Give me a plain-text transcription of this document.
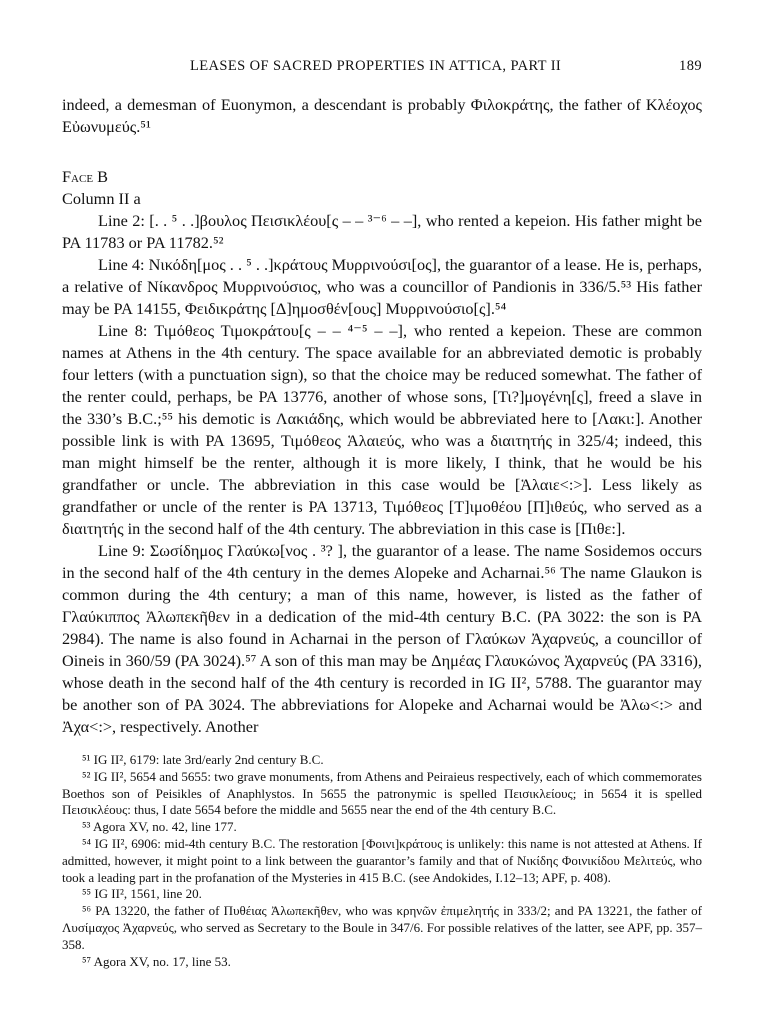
LEASES OF SACRED PROPERTIES IN ATTICA, PART II	189

indeed, a demesman of Euonymon, a descendant is probably Φιλοκράτης, the father of Κλέοχος Εὐωνυμεύς.⁵¹

Face B
Column II a

Line 2: [. . ⁵ . .]βουλος Πεισικλέου[ς – – ³⁻⁶ – –], who rented a kepeion. His father might be PA 11783 or PA 11782.⁵²

Line 4: Νικόδη[μος . . ⁵ . .]κράτους Μυρρινούσι[ος], the guarantor of a lease. He is, perhaps, a relative of Νίκανδρος Μυρρινούσιος, who was a councillor of Pandionis in 336/5.⁵³ His father may be PA 14155, Φειδικράτης [Δ]ημοσθέν[ους] Μυρρινούσιο[ς].⁵⁴

Line 8: Τιμόθεος Τιμοκράτου[ς – – ⁴⁻⁵ – –], who rented a kepeion. These are common names at Athens in the 4th century. The space available for an abbreviated demotic is probably four letters (with a punctuation sign), so that the choice may be reduced somewhat. The father of the renter could, perhaps, be PA 13776, another of whose sons, [Τι?]μογένη[ς], freed a slave in the 330’s B.C.;⁵⁵ his demotic is Λακιάδης, which would be abbreviated here to [Λακι:]. Another possible link is with PA 13695, Τιμόθεος Ἁλαιεύς, who was a διαιτητής in 325/4; indeed, this man might himself be the renter, although it is more likely, I think, that he would be his grandfather or uncle. The abbreviation in this case would be [Ἁλαιε<:>]. Less likely as grandfather or uncle of the renter is PA 13713, Τιμόθεος [Τ]ιμοθέου [Π]ιθεύς, who served as a διαιτητής in the second half of the 4th century. The abbreviation in this case is [Πιθε:].

Line 9: Σωσίδημος Γλαύκω[νος . ³? ], the guarantor of a lease. The name Sosidemos occurs in the second half of the 4th century in the demes Alopeke and Acharnai.⁵⁶ The name Glaukon is common during the 4th century; a man of this name, however, is listed as the father of Γλαύκιππος Ἀλωπεκῆθεν in a dedication of the mid-4th century B.C. (PA 3022: the son is PA 2984). The name is also found in Acharnai in the person of Γλαύκων Ἀχαρνεύς, a councillor of Oineis in 360/59 (PA 3024).⁵⁷ A son of this man may be Δημέας Γλαυκώνος Ἀχαρνεύς (PA 3316), whose death in the second half of the 4th century is recorded in IG II², 5788. The guarantor may be another son of PA 3024. The abbreviations for Alopeke and Acharnai would be Ἀλω<:> and Ἀχα<:>, respectively. Another

⁵¹ IG II², 6179: late 3rd/early 2nd century B.C.

⁵² IG II², 5654 and 5655: two grave monuments, from Athens and Peiraieus respectively, each of which commemorates Boethos son of Peisikles of Anaphlystos. In 5655 the patronymic is spelled Πεισικλείους; in 5654 it is spelled Πεισικλέους: thus, I date 5654 before the middle and 5655 near the end of the 4th century B.C.

⁵³ Agora XV, no. 42, line 177.

⁵⁴ IG II², 6906: mid-4th century B.C. The restoration [Φοινι]κράτους is unlikely: this name is not attested at Athens. If admitted, however, it might point to a link between the guarantor’s family and that of Νικίδης Φοινικίδου Μελιτεύς, who took a leading part in the profanation of the Mysteries in 415 B.C. (see Andokides, I.12–13; APF, p. 408).

⁵⁵ IG II², 1561, line 20.

⁵⁶ PA 13220, the father of Πυθέιας Ἀλωπεκῆθεν, who was κρηνῶν ἐπιμελητής in 333/2; and PA 13221, the father of Λυσίμαχος Ἀχαρνεύς, who served as Secretary to the Boule in 347/6. For possible relatives of the latter, see APF, pp. 357–358.

⁵⁷ Agora XV, no. 17, line 53.
